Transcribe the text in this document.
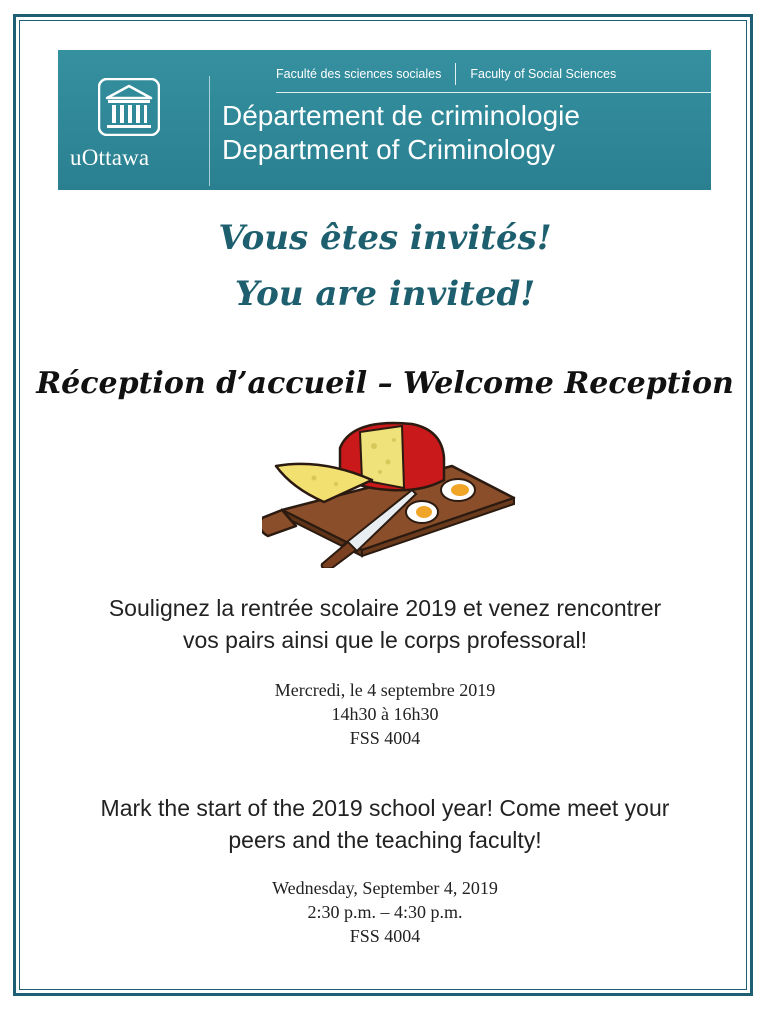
Faculté des sciences sociales Faculty of Social Sciences
uOttawa
Département de criminologie
Department of Criminology
Vous êtes invités!
You are invited!
Réception d’accueil – Welcome Reception
Soulignez la rentrée scolaire 2019 et venez rencontrer
vos pairs ainsi que le corps professoral!
Mercredi, le 4 septembre 2019
14h30 à 16h30
FSS 4004
Mark the start of the 2019 school year! Come meet your
peers and the teaching faculty!
Wednesday, September 4, 2019
2:30 p.m. – 4:30 p.m.
FSS 4004
